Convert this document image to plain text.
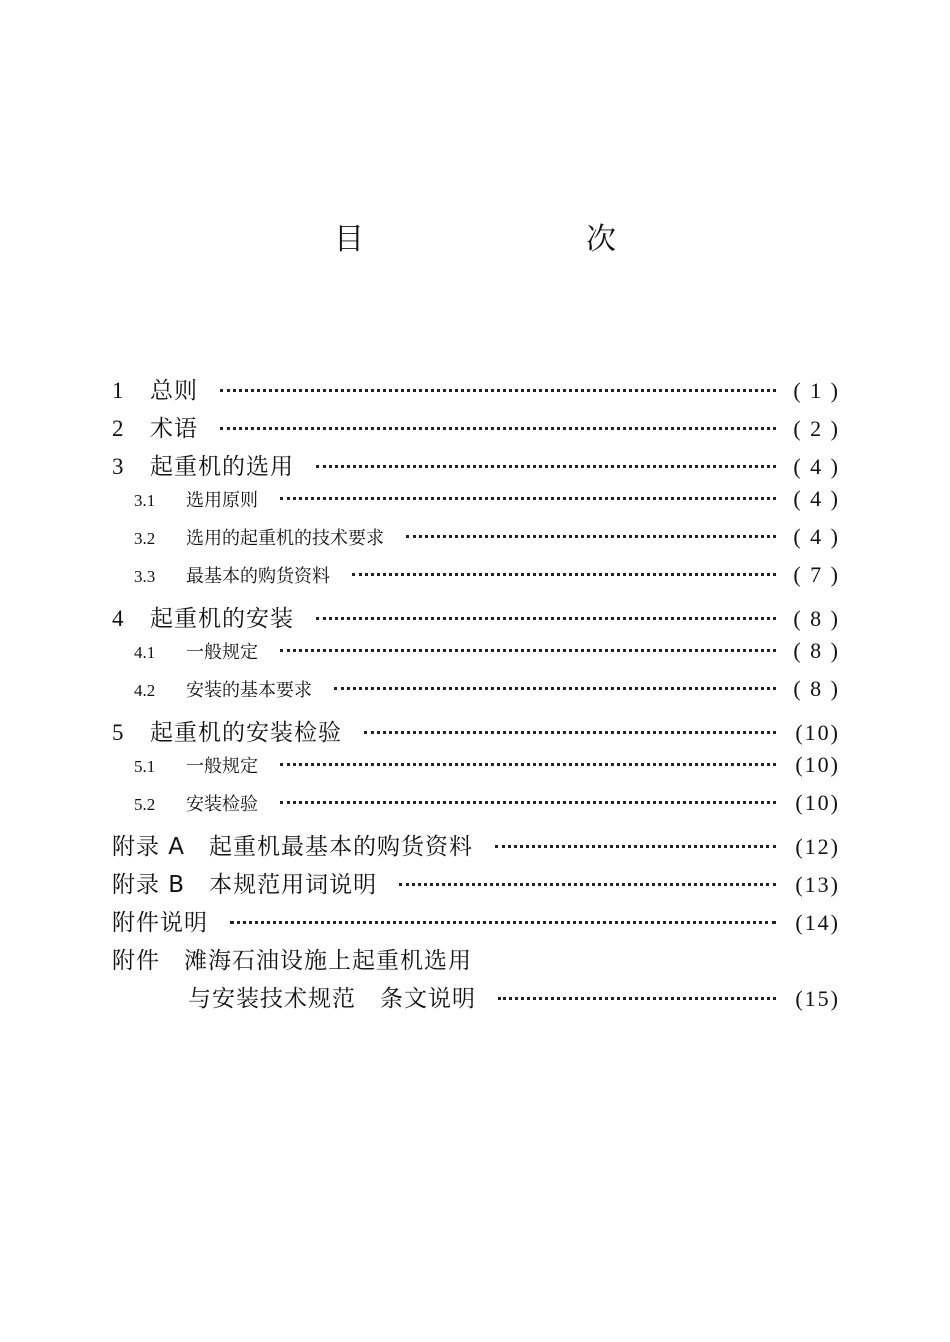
目　次
1	总则	( 1 )
2	术语	( 2 )
3	起重机的选用	( 4 )
3.1	选用原则	( 4 )
3.2	选用的起重机的技术要求	( 4 )
3.3	最基本的购货资料	( 7 )
4	起重机的安装	( 8 )
4.1	一般规定	( 8 )
4.2	安装的基本要求	( 8 )
5	起重机的安装检验	(10)
5.1	一般规定	(10)
5.2	安装检验	(10)
附录 A　起重机最基本的购货资料	(12)
附录 B　本规范用词说明	(13)
附件说明	(14)
附件　滩海石油设施上起重机选用
与安装技术规范　条文说明	(15)
